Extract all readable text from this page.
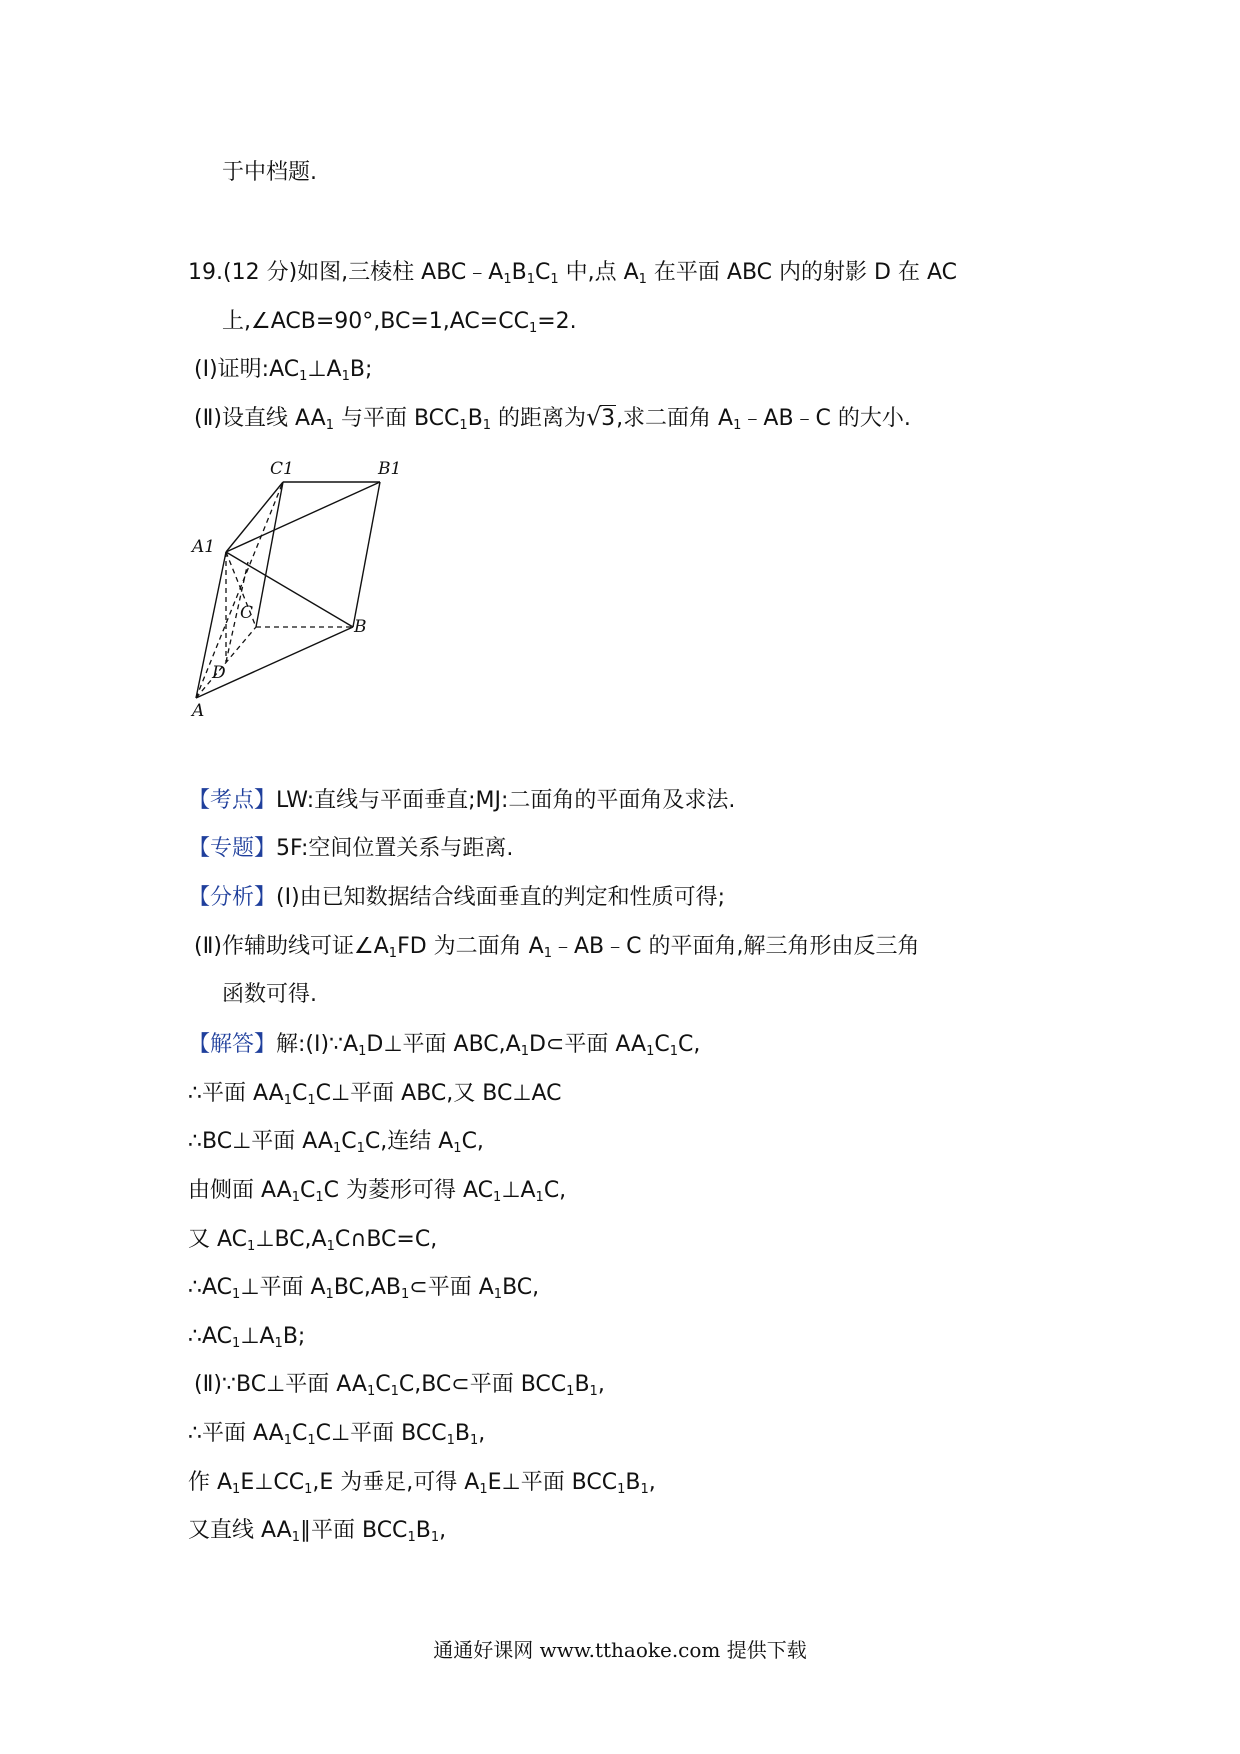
于中档题.
19.(12 分)如图,三棱柱 $ABC﹣A_1B_1C_1$ 中,点 $A_1$ 在平面 ABC 内的射影 D 在 AC
上$,\angle ACB=90^\circ,BC=1,AC=CC_1=2$.
(Ⅰ)证明$:AC_1\perp A_1B$;
(Ⅱ)设直线 $AA_1$ 与平面 $BCC_1B_1$ 的距离为 √ 3,求二面角 $A_1﹣AB﹣C$ 的大小.
C1	B1
A1
C
B
D
A
【考点】LW:直线与平面垂直;MJ:二面角的平面角及求法.
【专题】5F:空间位置关系与距离.
【分析】(Ⅰ)由已知数据结合线面垂直的判定和性质可得;
(Ⅱ)作辅助线可证$\angle A_1FD$ 为二面角 $A_1﹣AB﹣C$ 的平面角,解三角形由反三角
函数可得.
【解答】解$:(Ⅰ)\because A_1D\perp$平面 $ABC,A_1D\subset$平面 $AA_1C_1C$,
∴平面 $AA_1C_1C\perp$平面 ABC,又 BC⊥AC
∴BC⊥平面 $AA_1C_1C$,连结 $A_1C$,
由侧面 $AA_1C_1C$ 为菱形可得 $AC_1\perp A_1C$,
又 $AC_1\perp BC,A_1C\cap BC=C$,
$\therefore AC_1\perp$平面 $A_1BC,AB_1\subset$平面 $A_1BC$,
$\therefore AC_1\perp A_1B$;
(Ⅱ)∵BC⊥平面 $AA_1C_1C,BC\subset$平面 $BCC_1B_1$,
∴平面 $AA_1C_1C\perp$平面 $BCC_1B_1$,
作 $A_1E\perp CC_1,E$ 为垂足,可得 $A_1E\perp$平面 $BCC_1B_1$,
又直线 $AA_1\parallel$平面 $BCC_1B_1$,
通通好课网 www.tthaoke.com 提供下载
